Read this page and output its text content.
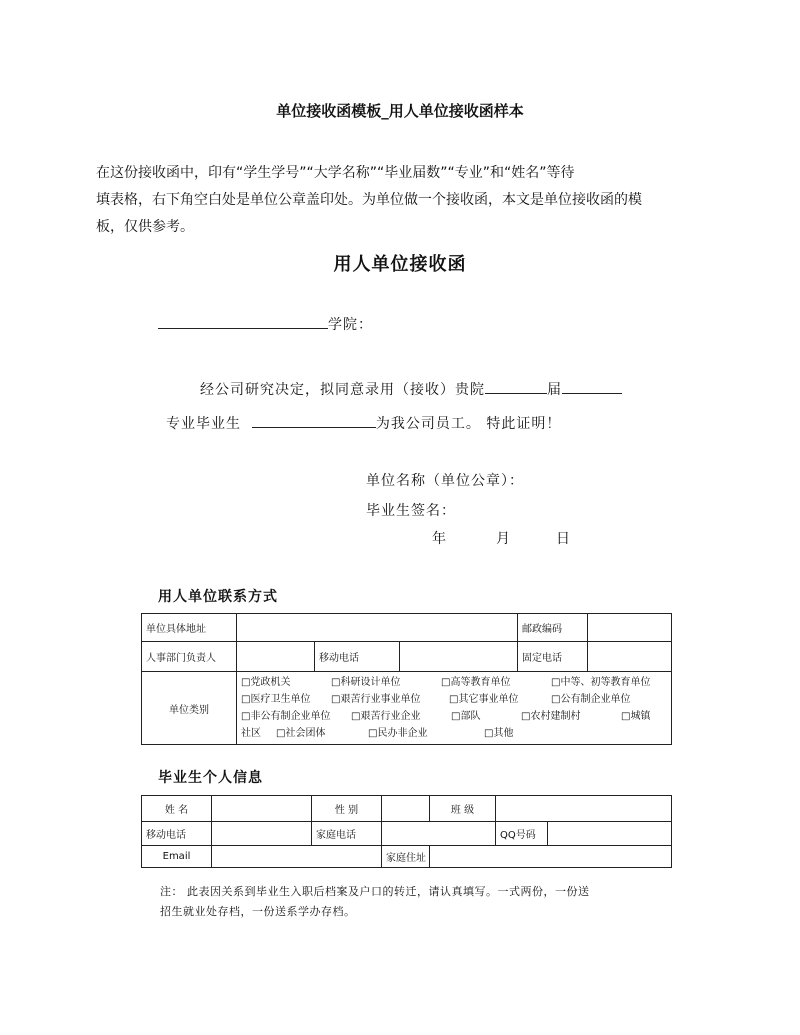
单位接收函模板_用人单位接收函样本
在这份接收函中，印有“学生学号”“大学名称”“毕业届数”“专业”和“姓名”等待
填表格，右下角空白处是单位公章盖印处。为单位做一个接收函，本文是单位接收函的模
板，仅供参考。
用人单位接收函
学院：
经公司研究决定，拟同意录用（接收）贵院	届
专业毕业生	为我公司员工。 特此证明！
单位名称（单位公章）：
毕业生签名：
年	月	日
用人单位联系方式
单位具体地址				邮政编码	
人事部门负责人		移动电话		固定电话	
单位类别	□党政机关 □科研设计单位 □高等教育单位 □中等、初等教育单位
□医疗卫生单位 □艰苦行业事业单位 □其它事业单位 □公有制企业单位
□非公有制企业单位 □艰苦行业企业 □部队 □农村建制村 □城镇
社区 □社会团体 □民办非企业 □其他				
毕业生个人信息
姓 名		性 别		班 级		
移动电话		家庭电话			QQ号码	
Email			家庭住址			
注： 此表因关系到毕业生入职后档案及户口的转迁，请认真填写。一式两份，一份送
招生就业处存档，一份送系学办存档。
